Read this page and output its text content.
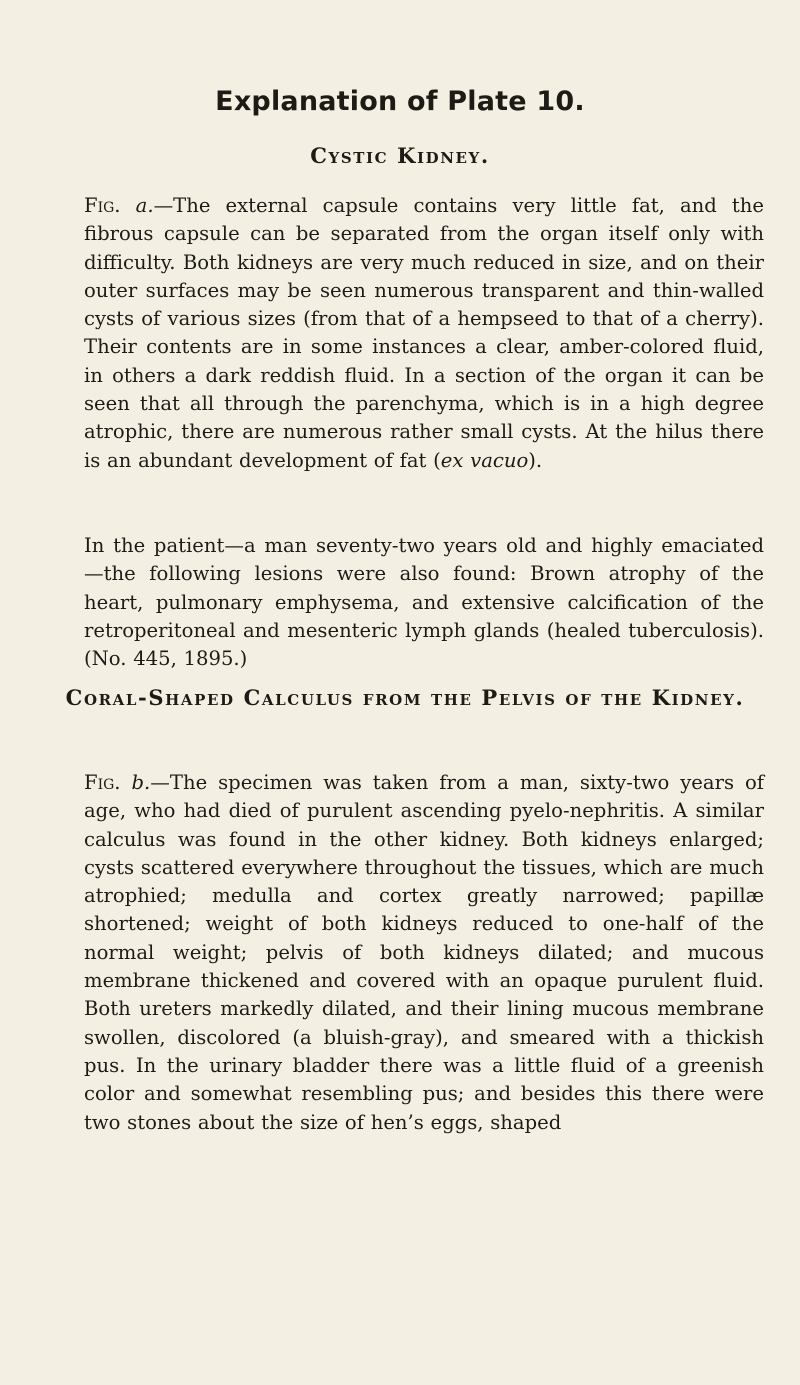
Explanation of Plate 10.
Cystic Kidney.

Fig. a.—The external capsule contains very little fat, and the fibrous capsule can be separated from the organ itself only with difficulty. Both kidneys are very much reduced in size, and on their outer surfaces may be seen numerous transparent and thin-walled cysts of various sizes (from that of a hempseed to that of a cherry). Their contents are in some instances a clear, amber-colored fluid, in others a dark reddish fluid. In a section of the organ it can be seen that all through the parenchyma, which is in a high degree atrophic, there are numerous rather small cysts. At the hilus there is an abundant development of fat (ex vacuo).

In the patient—a man seventy-two years old and highly emaciated—the following lesions were also found: Brown atrophy of the heart, pulmonary emphysema, and extensive calcification of the retroperitoneal and mesenteric lymph glands (healed tuberculosis). (No. 445, 1895.)

Coral-Shaped Calculus from the Pelvis of the Kidney.

Fig. b.—The specimen was taken from a man, sixty-two years of age, who had died of purulent ascending pyelo-nephritis. A similar calculus was found in the other kidney. Both kidneys enlarged; cysts scattered everywhere throughout the tissues, which are much atrophied; medulla and cortex greatly narrowed; papillæ shortened; weight of both kidneys reduced to one-half of the normal weight; pelvis of both kidneys dilated; and mucous membrane thickened and covered with an opaque purulent fluid. Both ureters markedly dilated, and their lining mucous membrane swollen, discolored (a bluish-gray), and smeared with a thickish pus. In the urinary bladder there was a little fluid of a greenish color and somewhat resembling pus; and besides this there were two stones about the size of hen’s eggs, shaped
